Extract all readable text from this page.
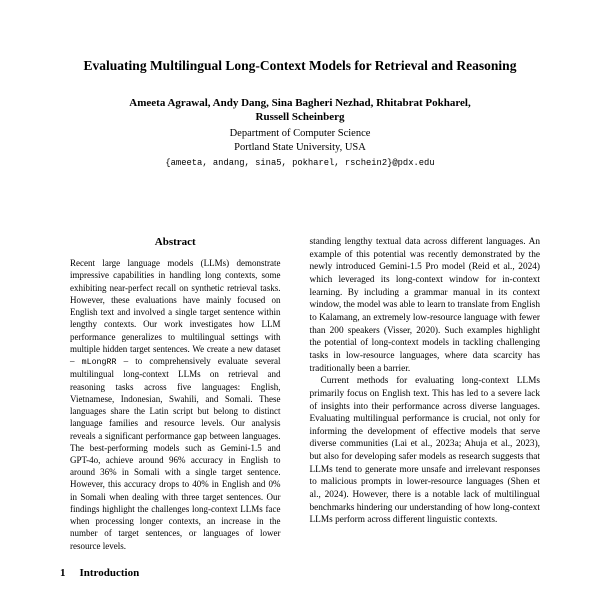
Evaluating Multilingual Long-Context Models for Retrieval and Reasoning
Ameeta Agrawal, Andy Dang, Sina Bagheri Nezhad, Rhitabrat Pokharel,
Russell Scheinberg
Department of Computer Science
Portland State University, USA
{ameeta, andang, sina5, pokharel, rschein2}@pdx.edu
Abstract
Recent large language models (LLMs) demonstrate impressive capabilities in handling long contexts, some exhibiting near-perfect recall on synthetic retrieval tasks. However, these evaluations have mainly focused on English text and involved a single target sentence within lengthy contexts. Our work investigates how LLM performance generalizes to multilingual settings with multiple hidden target sentences. We create a new dataset – mLongRR – to comprehensively evaluate several multilingual long-context LLMs on retrieval and reasoning tasks across five languages: English, Vietnamese, Indonesian, Swahili, and Somali. These languages share the Latin script but belong to distinct language families and resource levels. Our analysis reveals a significant performance gap between languages. The best-performing models such as Gemini-1.5 and GPT-4o, achieve around 96% accuracy in English to around 36% in Somali with a single target sentence. However, this accuracy drops to 40% in English and 0% in Somali when dealing with three target sentences. Our findings highlight the challenges long-context LLMs face when processing longer contexts, an increase in the number of target sentences, or languages of lower resource levels.
1 Introduction

standing lengthy textual data across different languages. An example of this potential was recently demonstrated by the newly introduced Gemini-1.5 Pro model (Reid et al., 2024) which leveraged its long-context window for in-context learning. By including a grammar manual in its context window, the model was able to learn to translate from English to Kalamang, an extremely low-resource language with fewer than 200 speakers (Visser, 2020). Such examples highlight the potential of long-context models in tackling challenging tasks in low-resource languages, where data scarcity has traditionally been a barrier.

Current methods for evaluating long-context LLMs primarily focus on English text. This has led to a severe lack of insights into their performance across diverse languages. Evaluating multilingual performance is crucial, not only for informing the development of effective models that serve diverse communities (Lai et al., 2023a; Ahuja et al., 2023), but also for developing safer models as research suggests that LLMs tend to generate more unsafe and irrelevant responses to malicious prompts in lower-resource languages (Shen et al., 2024). However, there is a notable lack of multilingual benchmarks hindering our understanding of how long-context LLMs perform across different linguistic contexts.
